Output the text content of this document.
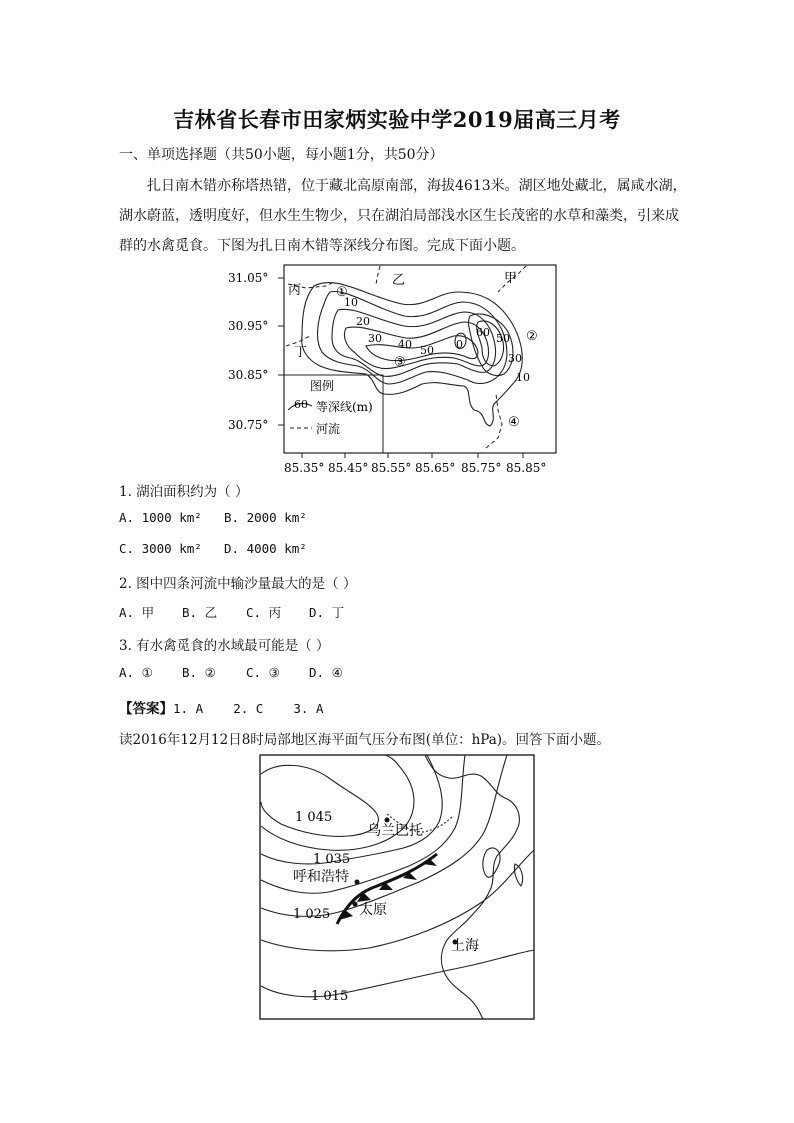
吉林省长春市田家炳实验中学2019届高三月考
一、单项选择题（共50小题，每小题1分，共50分）
扎日南木错亦称塔热错，位于藏北高原南部，海拔4613米。湖区地处藏北，属咸水湖，
湖水蔚蓝，透明度好，但水生生物少，只在湖泊局部浅水区生长茂密的水草和藻类，引来成
群的水禽觅食。下图为扎日南木错等深线分布图。完成下面小题。
31.05°
30.95°
30.85°
30.75°
85.35° 85.45° 85.55° 85.65° 85.75° 85.85°
丙
乙	甲
丁
10
20
30 40 50 0
60 50
30
10
①
②
③
④
图例
60 等深线(m)
河流
1. 湖泊面积约为（ ）
A. 1000 km² B. 2000 km²
C. 3000 km² D. 4000 km²
2. 图中四条河流中输沙量最大的是（ ）
A. 甲 B. 乙 C. 丙 D. 丁
3. 有水禽觅食的水域最可能是（ ）
A. ① B. ② C. ③ D. ④
【答案】1. A    2. C    3. A
读2016年12月12日8时局部地区海平面气压分布图(单位：hPa)。回答下面小题。
1 045
1 035
1 025
1 015
乌兰巴托
呼和浩特
太原
上海
